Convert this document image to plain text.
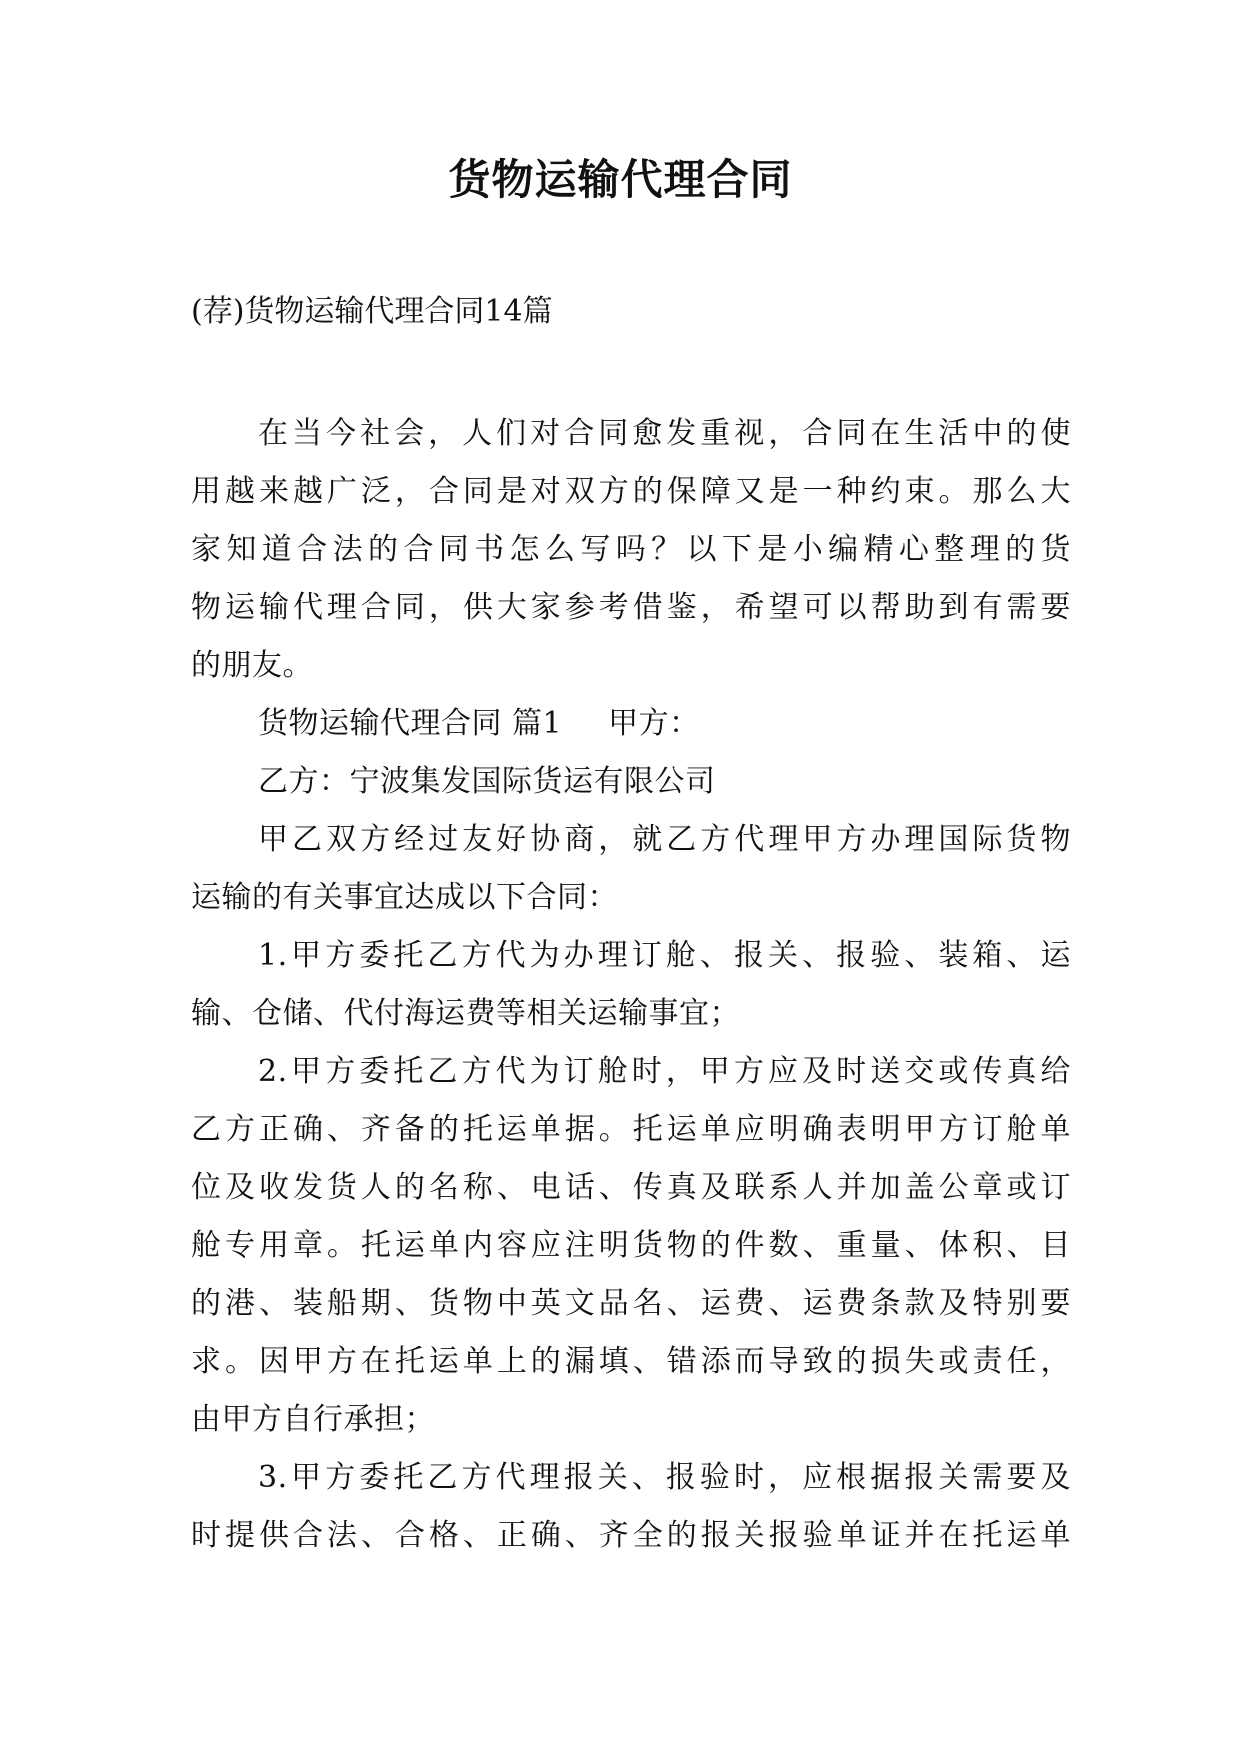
货物运输代理合同
(荐)货物运输代理合同14篇
在当今社会，人们对合同愈发重视，合同在生活中的使
用越来越广泛，合同是对双方的保障又是一种约束。那么大
家知道合法的合同书怎么写吗？以下是小编精心整理的货
物运输代理合同，供大家参考借鉴，希望可以帮助到有需要
的朋友。
货物运输代理合同 篇1 甲方：
乙方：宁波集发国际货运有限公司
甲乙双方经过友好协商，就乙方代理甲方办理国际货物
运输的有关事宜达成以下合同：
1.甲方委托乙方代为办理订舱、报关、报验、装箱、运
输、仓储、代付海运费等相关运输事宜；
2.甲方委托乙方代为订舱时，甲方应及时送交或传真给
乙方正确、齐备的托运单据。托运单应明确表明甲方订舱单
位及收发货人的名称、电话、传真及联系人并加盖公章或订
舱专用章。托运单内容应注明货物的件数、重量、体积、目
的港、装船期、货物中英文品名、运费、运费条款及特别要
求。因甲方在托运单上的漏填、错添而导致的损失或责任，
由甲方自行承担；
3.甲方委托乙方代理报关、报验时，应根据报关需要及
时提供合法、合格、正确、齐全的报关报验单证并在托运单
